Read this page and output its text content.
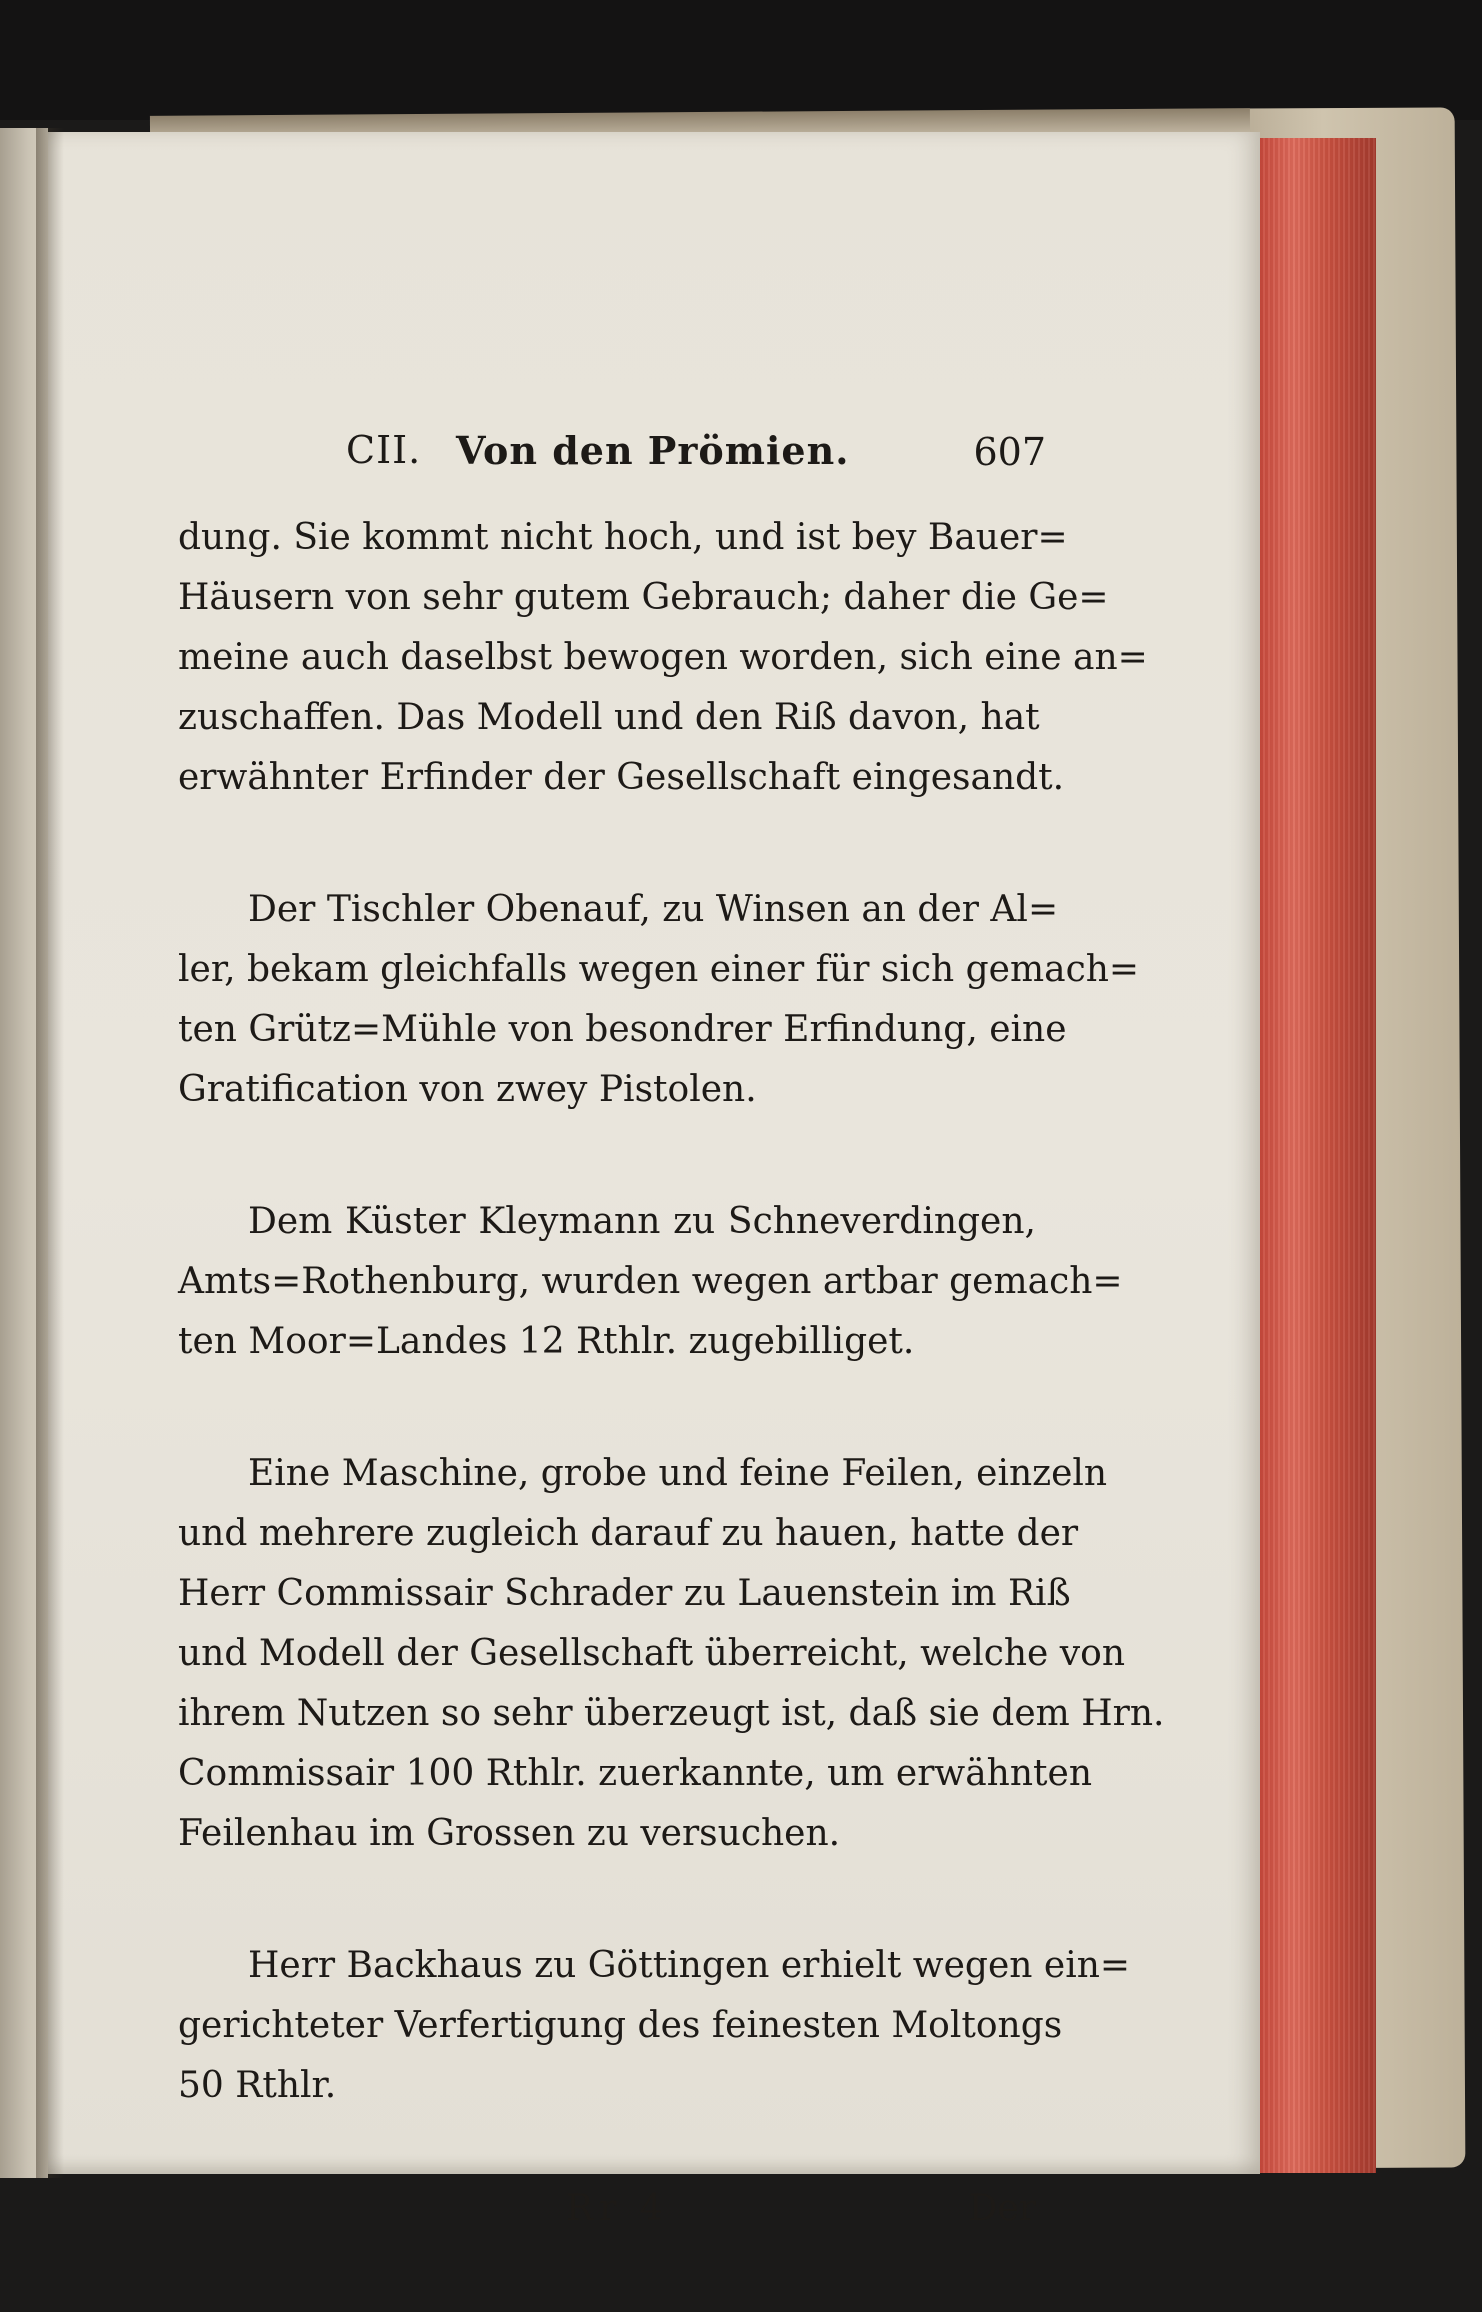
CII. Von den Prömien.	607
dung. Sie kommt nicht hoch, und ist bey Bauer=
Häusern von sehr gutem Gebrauch; daher die Ge=
meine auch daselbst bewogen worden, sich eine an=
zuschaffen. Das Modell und den Riß davon, hat
erwähnter Erfinder der Gesellschaft eingesandt.
Der Tischler Obenauf, zu Winsen an der Al=
ler, bekam gleichfalls wegen einer für sich gemach=
ten Grütz=Mühle von besondrer Erfindung, eine
Gratification von zwey Pistolen.
Dem Küster Kleymann zu Schneverdingen,
Amts=Rothenburg, wurden wegen artbar gemach=
ten Moor=Landes 12 Rthlr. zugebilliget.
Eine Maschine, grobe und feine Feilen, einzeln
und mehrere zugleich darauf zu hauen, hatte der
Herr Commissair Schrader zu Lauenstein im Riß
und Modell der Gesellschaft überreicht, welche von
ihrem Nutzen so sehr überzeugt ist, daß sie dem Hrn.
Commissair 100 Rthlr. zuerkannte, um erwähnten
Feilenhau im Grossen zu versuchen.
Herr Backhaus zu Göttingen erhielt wegen ein=
gerichteter Verfertigung des feinesten Moltongs
50 Rthlr.
Rr 4	Der
